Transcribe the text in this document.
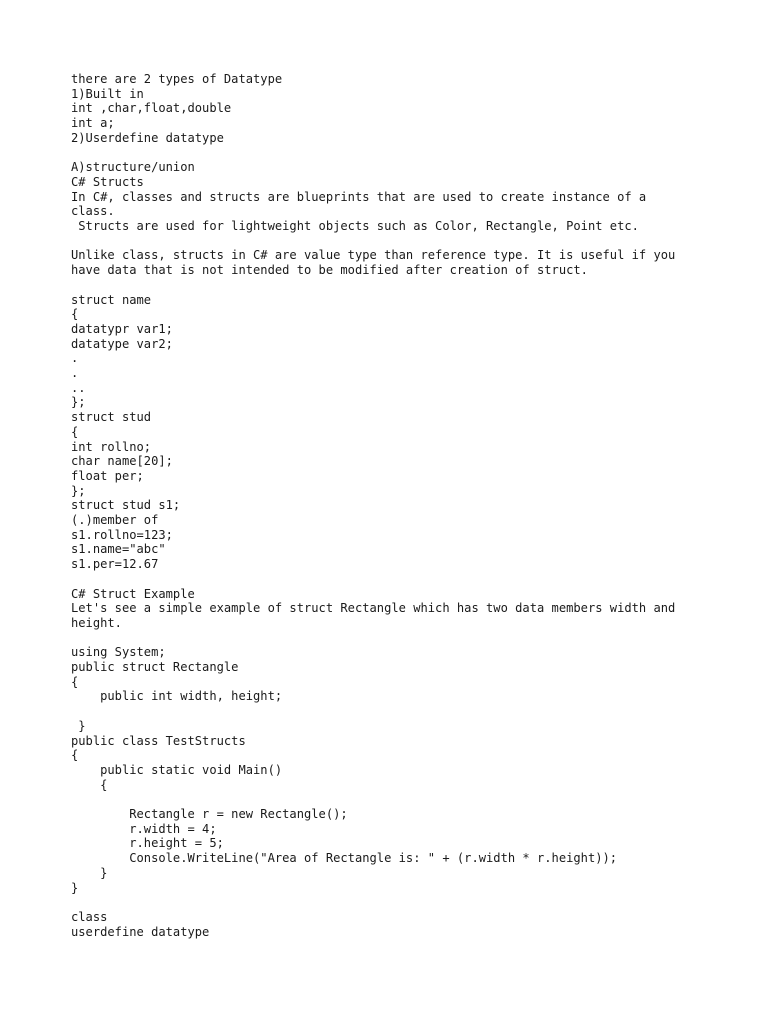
there are 2 types of Datatype
1)Built in
int ,char,float,double
int a;
2)Userdefine datatype
A)structure/union
C# Structs
In C#, classes and structs are blueprints that are used to create instance of a
class.
Structs are used for lightweight objects such as Color, Rectangle, Point etc.
Unlike class, structs in C# are value type than reference type. It is useful if you
have data that is not intended to be modified after creation of struct.
struct name
{
datatypr var1;
datatype var2;
.
.
..
};
struct stud
{
int rollno;
char name[20];
float per;
};
struct stud s1;
(.)member of
s1.rollno=123;
s1.name="abc"
s1.per=12.67
C# Struct Example
Let's see a simple example of struct Rectangle which has two data members width and
height.
using System;
public struct Rectangle
{
public int width, height;
}
public class TestStructs
{
public static void Main()
{
Rectangle r = new Rectangle();
r.width = 4;
r.height = 5;
Console.WriteLine("Area of Rectangle is: " + (r.width * r.height));
}
}
class
userdefine datatype
